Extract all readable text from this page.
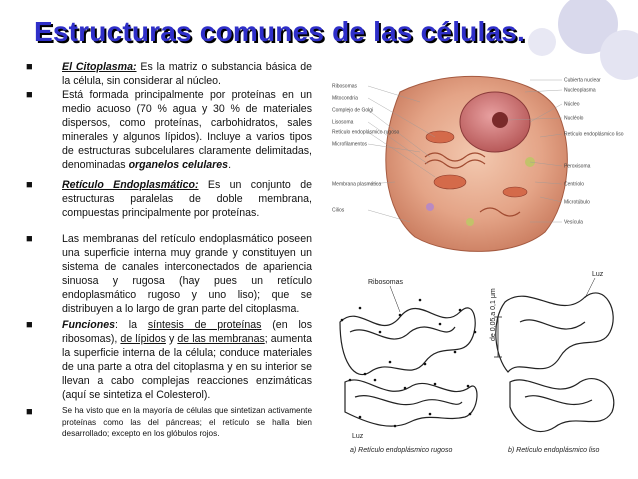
Estructuras comunes de las células.
■	El Citoplasma: Es la matriz o substancia básica de la célula, sin considerar al núcleo.
■	Está formada principalmente por proteínas en un medio acuoso (70 % agua y 30 % de materiales dispersos, como proteínas, carbohidratos, sales minerales y algunos lípidos). Incluye a varios tipos de estructuras subcelulares claramente delimitadas, denominadas organelos celulares.
■	Retículo Endoplasmático: Es un conjunto de estructuras paralelas de doble membrana, compuestas principalmente por proteínas.
■	Las membranas del retículo endoplasmático poseen una superficie interna muy grande y constituyen un sistema de canales interconectados de apariencia sinuosa y rugosa (hay pues un retículo endoplasmático rugoso y uno liso); que se distribuyen a lo largo de gran parte del citoplasma.
■	Funciones: la síntesis de proteínas (en los ribosomas), de lípidos y de las membranas; aumenta la superficie interna de la célula; conduce materiales de una parte a otra del citoplasma y en su interior se llevan a cabo complejas reacciones enzimáticas (aquí se sintetiza el Colesterol).
■	Se ha visto que en la mayoría de células que sintetizan activamente proteínas como las del páncreas; el retículo se halla bien desarrollado; excepto en los glóbulos rojos.
Ribosomas
Mitocondria
Complejo de Golgi
Lisosoma
Retículo endoplásmico rugoso
Microfilamentos
Membrana plasmática
Cilios
Cubierta nuclear
Nucleoplasma
Núcleo
Nucléolo
Retículo endoplásmico liso
Peroxisoma
Centriolo
Microtúbulo
Vesícula
Ribosomas
Luz
Luz
de 0,05 a 0,1 μm
a) Retículo endoplásmico rugoso	b) Retículo endoplásmico liso
